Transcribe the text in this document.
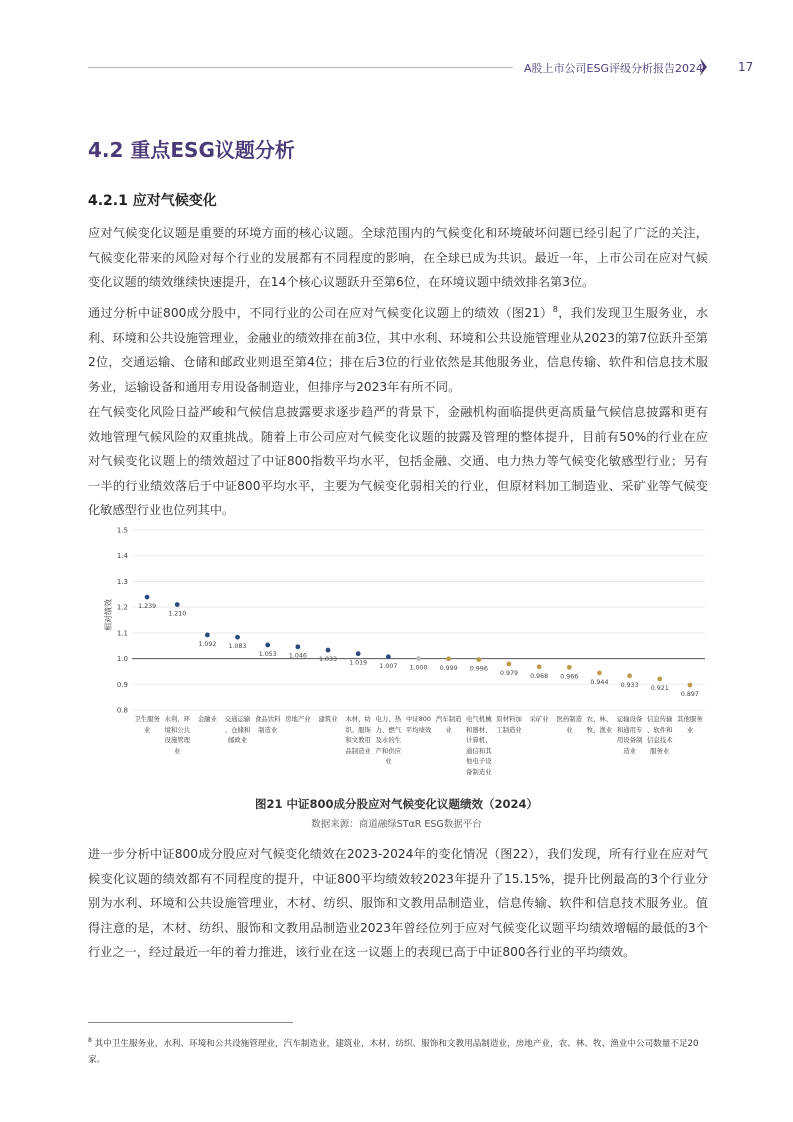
A股上市公司ESG评级分析报告2024	17
4.2 重点ESG议题分析
4.2.1 应对气候变化

应对气候变化议题是重要的环境方面的核心议题。全球范围内的气候变化和环境破坏问题已经引起了广泛的关注，气候变化带来的风险对每个行业的发展都有不同程度的影响，在全球已成为共识。最近一年，上市公司在应对气候变化议题的绩效继续快速提升，在14个核心议题跃升至第6位，在环境议题中绩效排名第3位。

通过分析中证800成分股中，不同行业的公司在应对气候变化议题上的绩效（图21）$^8$，我们发现卫生服务业，水利、环境和公共设施管理业，金融业的绩效排在前3位，其中水利、环境和公共设施管理业从2023的第7位跃升至第2位，交通运输、仓储和邮政业则退至第4位；排在后3位的行业依然是其他服务业，信息传输、软件和信息技术服务业，运输设备和通用专用设备制造业，但排序与2023年有所不同。

在气候变化风险日益严峻和气候信息披露要求逐步趋严的背景下，金融机构面临提供更高质量气候信息披露和更有效地管理气候风险的双重挑战。随着上市公司应对气候变化议题的披露及管理的整体提升，目前有50%的行业在应对气候变化议题上的绩效超过了中证800指数平均水平，包括金融、交通、电力热力等气候变化敏感型行业；另有一半的行业绩效落后于中证800平均水平，主要为气候变化弱相关的行业，但原材料加工制造业、采矿业等气候变化敏感型行业也位列其中。

0.8
0.9
1.0
1.1
1.2
1.3
1.4
1.5
相对绩效	1.239
1.210
1.092 1.083
1.053 1.046 1.033
1.019 1.007 1.000 0.999 0.996
0.979 0.968 0.966
0.944 0.933 0.921
0.897
卫生服务
业
水利、环
境和公共
设施管理
业
金融业	交通运输
、仓储和
邮政业
食品饮料
制造业
房地产业	建筑业	木材、纺
织、服饰
和文教用
品制造业
电力、热
力、燃气
及水的生
产和供应
业
中证800
平均绩效
汽车制造
业
电气机械
和器材、
计算机、
通信和其
他电子设
备制造业
原材料加
工制造业
采矿业	医药制造
业
农、林、
牧、渔业
运输设备
和通用专
用设备制
造业
信息传输
、软件和
信息技术
服务业
其他服务
业
图21 中证800成分股应对气候变化议题绩效（2024）
数据来源：商道融绿STαR ESG数据平台

进一步分析中证800成分股应对气候变化绩效在2023-2024年的变化情况（图22），我们发现，所有行业在应对气候变化议题的绩效都有不同程度的提升，中证800平均绩效较2023年提升了15.15%，提升比例最高的3个行业分别为水利、环境和公共设施管理业，木材、纺织、服饰和文教用品制造业，信息传输、软件和信息技术服务业。值得注意的是，木材、纺织、服饰和文教用品制造业2023年曾经位列于应对气候变化议题平均绩效增幅的最低的3个行业之一，经过最近一年的着力推进，该行业在这一议题上的表现已高于中证800各行业的平均绩效。

$^8$ 其中卫生服务业，水利、环境和公共设施管理业，汽车制造业，建筑业，木材、纺织、服饰和文教用品制造业，房地产业，农、林、牧、渔业中公司数量不足20家。
